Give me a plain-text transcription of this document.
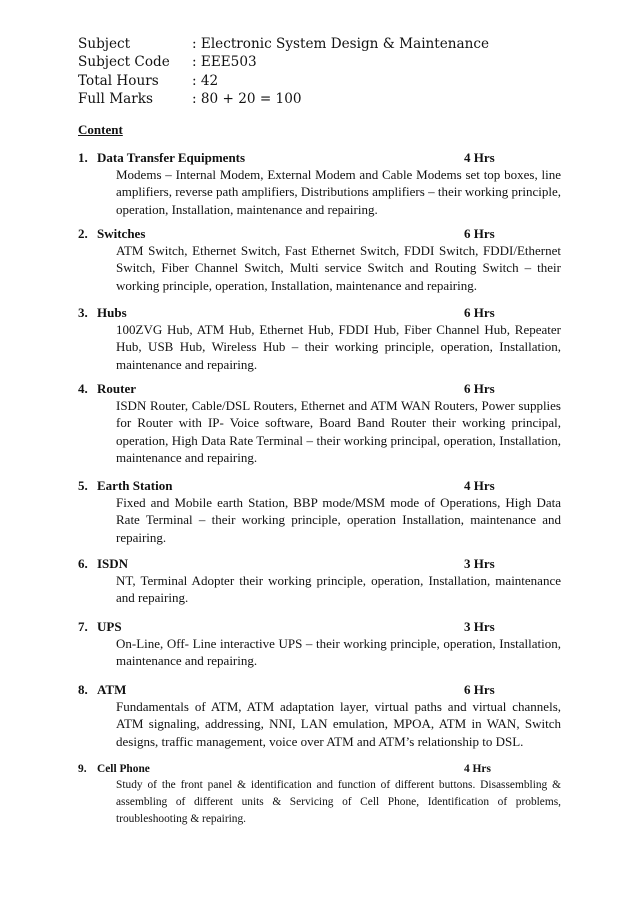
Subject	: Electronic System Design & Maintenance
Subject Code	: EEE503
Total Hours	: 42
Full Marks	: 80 + 20 = 100
Content
1. Data Transfer Equipments	4 Hrs
Modems – Internal Modem, External Modem and Cable Modems set top boxes, line amplifiers, reverse path amplifiers, Distributions amplifiers – their working principle, operation, Installation, maintenance and repairing.
2. Switches	6 Hrs
ATM Switch, Ethernet Switch, Fast Ethernet Switch, FDDI Switch, FDDI/Ethernet Switch, Fiber Channel Switch, Multi service Switch and Routing Switch – their working principle, operation, Installation, maintenance and repairing.
3. Hubs	6 Hrs
100ZVG Hub, ATM Hub, Ethernet Hub, FDDI Hub, Fiber Channel Hub, Repeater Hub, USB Hub, Wireless Hub – their working principle, operation, Installation, maintenance and repairing.
4. Router	6 Hrs
ISDN Router, Cable/DSL Routers, Ethernet and ATM WAN Routers, Power supplies for Router with IP- Voice software, Board Band Router their working principal, operation, High Data Rate Terminal – their working principal, operation, Installation, maintenance and repairing.
5. Earth Station	4 Hrs
Fixed and Mobile earth Station, BBP mode/MSM mode of Operations, High Data Rate Terminal – their working principle, operation Installation, maintenance and repairing.
6. ISDN	3 Hrs
NT, Terminal Adopter their working principle, operation, Installation, maintenance and repairing.
7. UPS	3 Hrs
On-Line, Off- Line interactive UPS – their working principle, operation, Installation, maintenance and repairing.
8. ATM	6 Hrs
Fundamentals of ATM, ATM adaptation layer, virtual paths and virtual channels, ATM signaling, addressing, NNI, LAN emulation, MPOA, ATM in WAN, Switch designs, traffic management, voice over ATM and ATM’s relationship to DSL.
9. Cell Phone	4 Hrs
Study of the front panel & identification and function of different buttons. Disassembling & assembling of different units & Servicing of Cell Phone, Identification of problems, troubleshooting & repairing.
